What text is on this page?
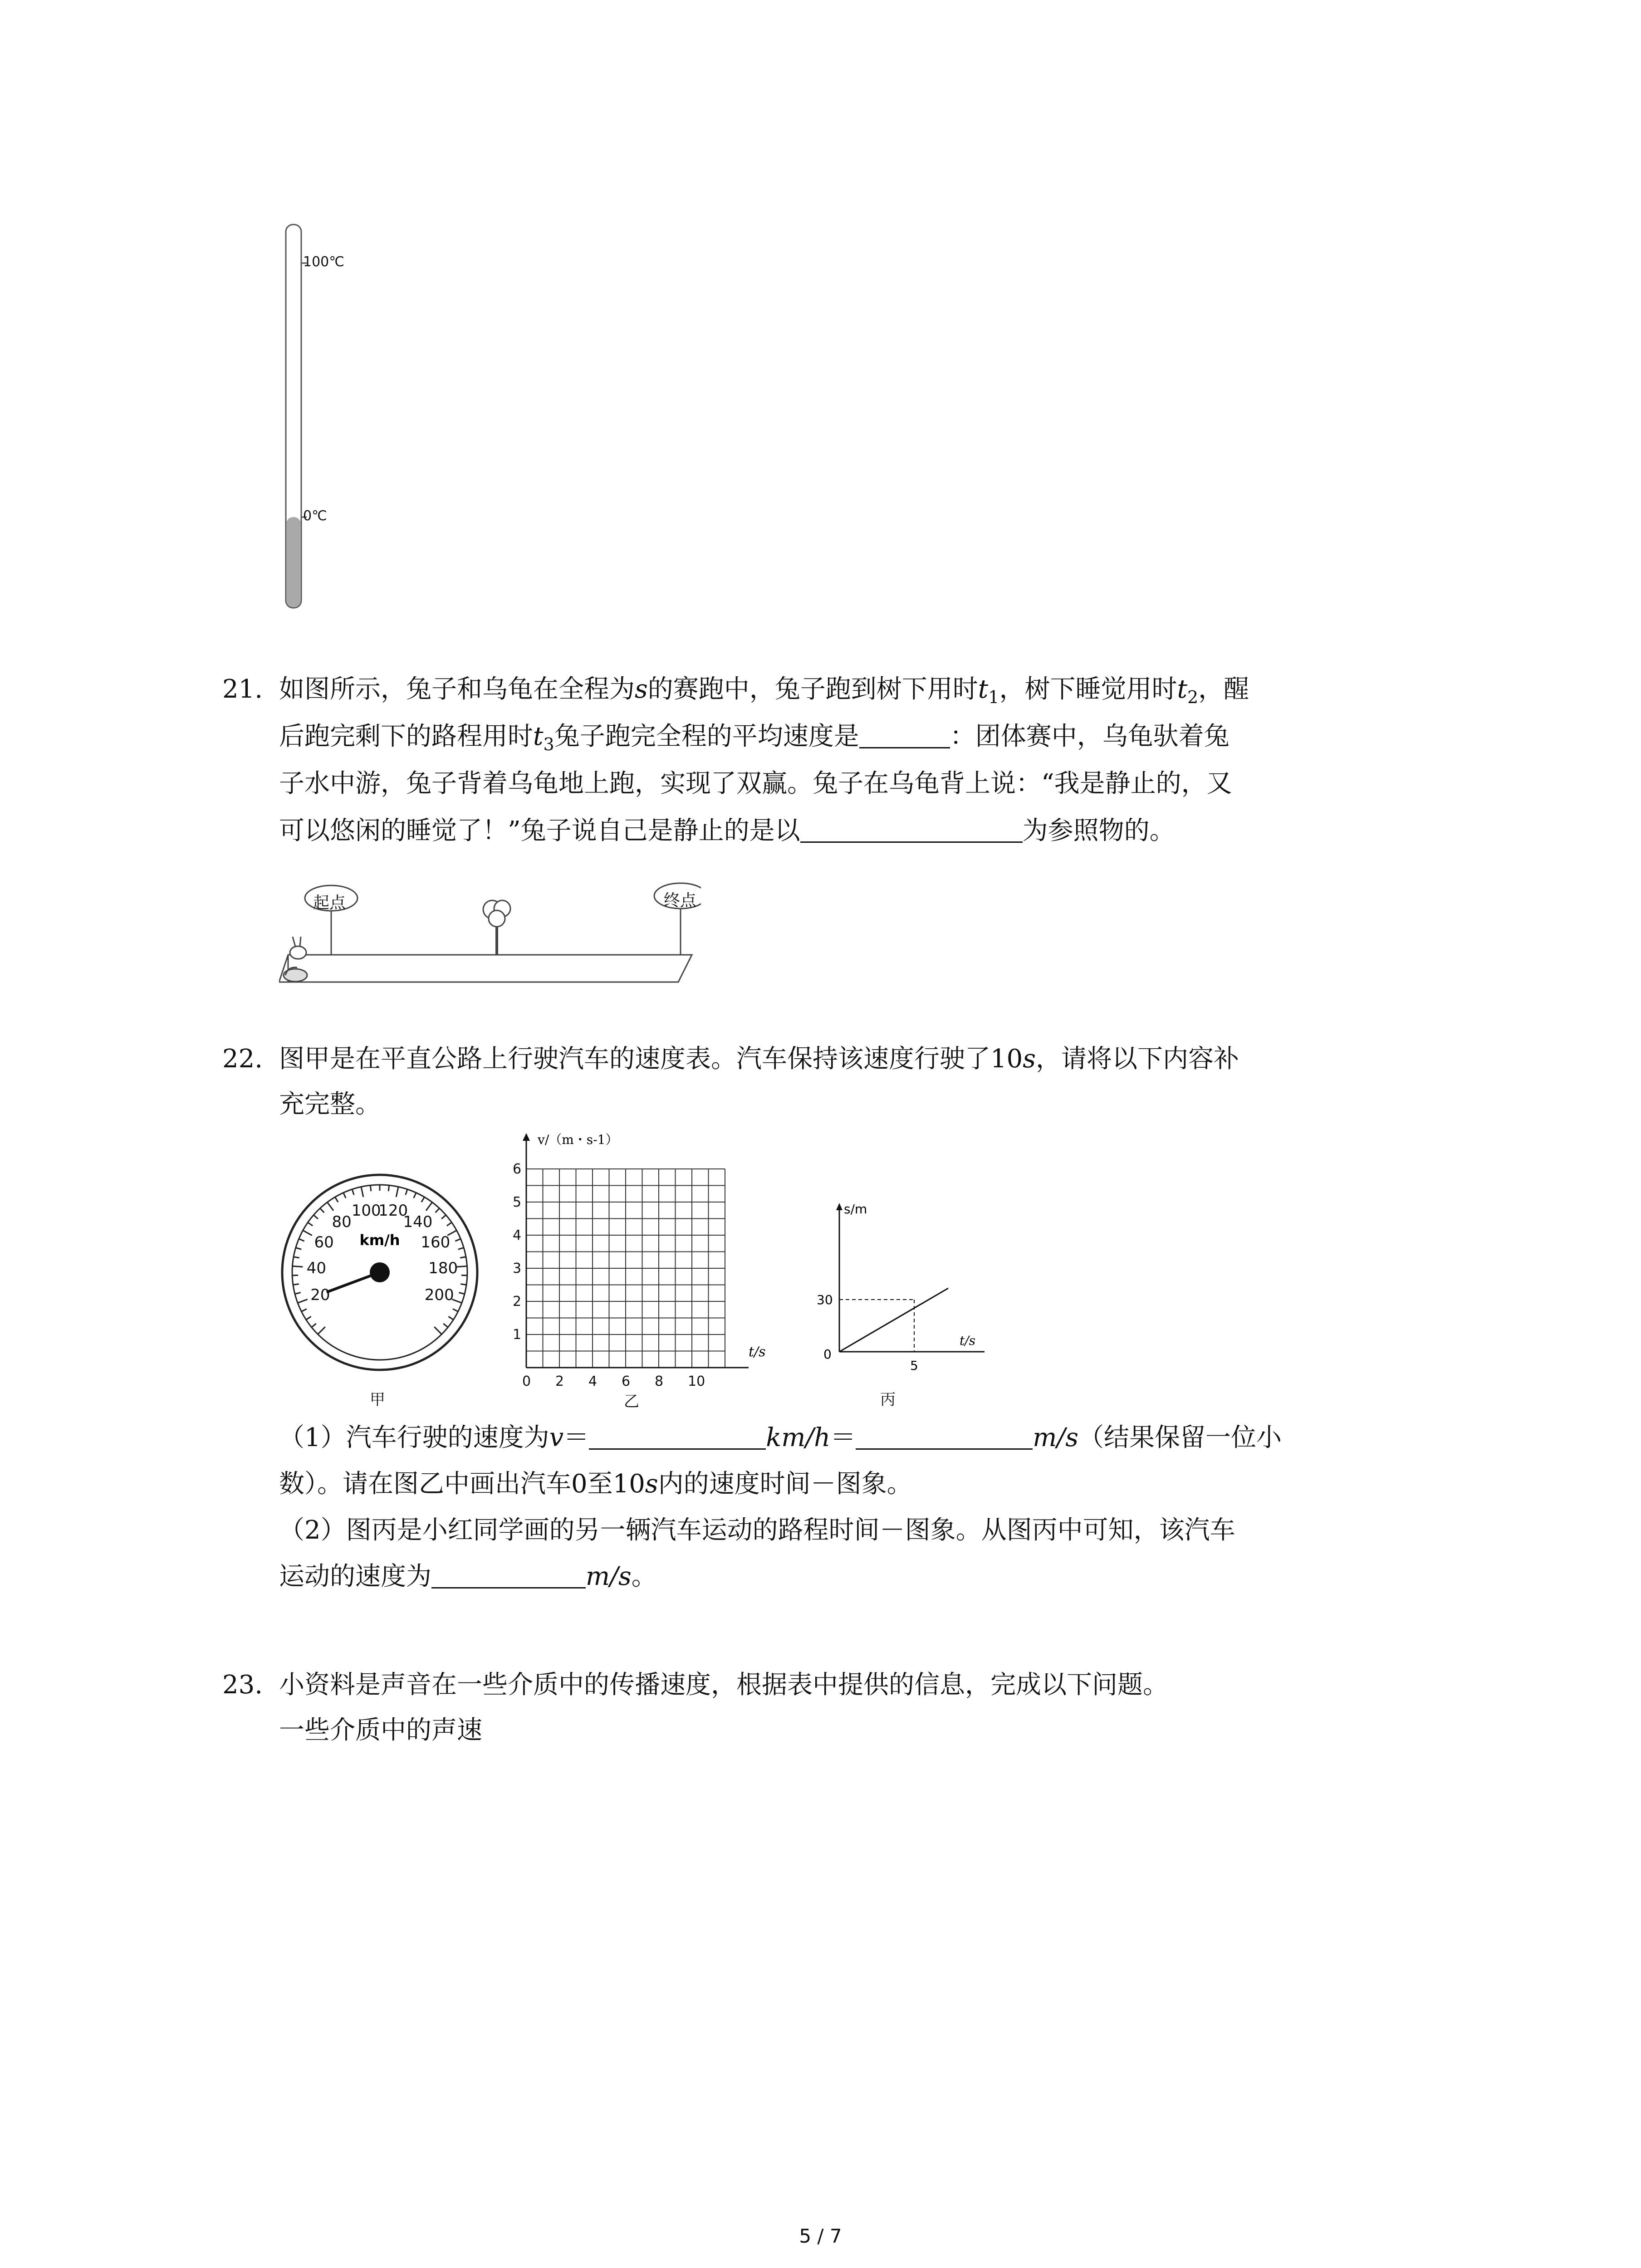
100℃
0℃
21. 如图所示，兔子和乌龟在全程为s的赛跑中，兔子跑到树下用时$t_1$，树下睡觉用时$t_2$，醒
后跑完剩下的路程用时$t_3$兔子跑完全程的平均速度是	：团体赛中，乌龟驮着兔
子水中游，兔子背着乌龟地上跑，实现了双赢。兔子在乌龟背上说：“我是静止的，又
可以悠闲的睡觉了！”兔子说自己是静止的是以	为参照物的。
起点	终点
22. 图甲是在平直公路上行驶汽车的速度表。汽车保持该速度行驶了10s，请将以下内容补
充完整。
20
40
60
80
100
120
140
160
180
200
km/h
甲
1
2
3
4
5
6
0 2 4 6 8 10
v/（m・s-1）
t/s
乙
s/m
t/s
30
0
5
丙
（1）汽车行驶的速度为v＝	km/h＝	m/s（结果保留一位小
数）。请在图乙中画出汽车0至10s内的速度时间－图象。
（2）图丙是小红同学画的另一辆汽车运动的路程时间－图象。从图丙中可知，该汽车
运动的速度为	m/s。
23. 小资料是声音在一些介质中的传播速度，根据表中提供的信息，完成以下问题。
一些介质中的声速
5 / 7
